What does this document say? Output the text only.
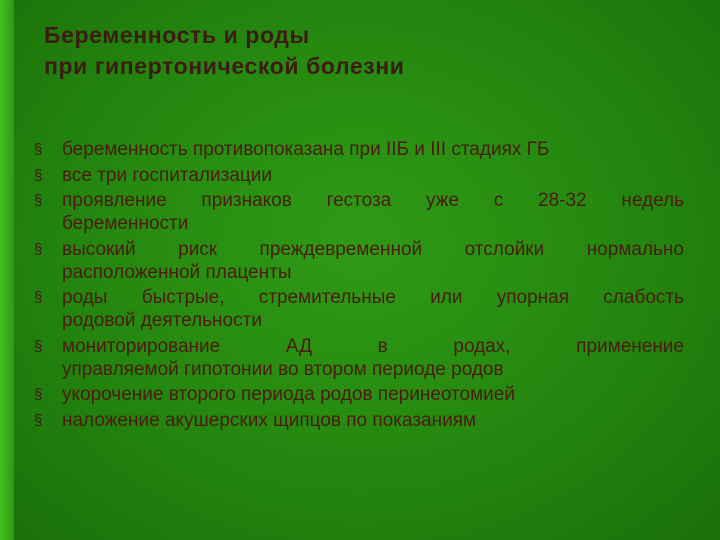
Беременность и роды
при гипертонической болезни
§	беременность противопоказана при IIБ и III стадиях ГБ
§	все три госпитализации
§	проявление признаков гестоза уже с 28-32 недель
беременности
§	высокий риск преждевременной отслойки нормально
расположенной плаценты
§	роды быстрые, стремительные или упорная слабость
родовой деятельности
§	мониторирование АД в родах, применение
управляемой гипотонии во втором периоде родов
§	укорочение второго периода родов перинеотомией
§	наложение акушерских щипцов по показаниям
